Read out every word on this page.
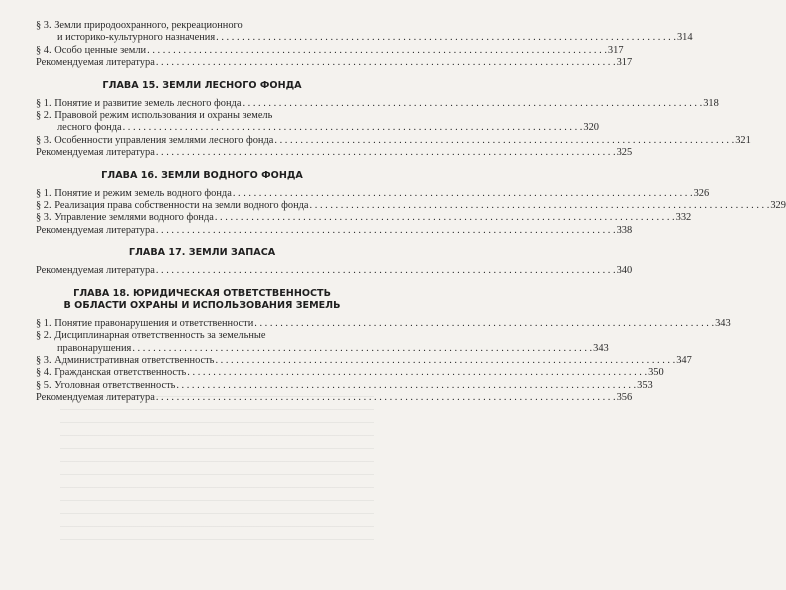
§ 3.
Земли природоохранного, рекреационного
и историко-культурного назначения . . .	314
§ 4.
Особо ценные земли . . .	317
Рекомендуемая литература . . .	317
ГЛАВА 15. ЗЕМЛИ ЛЕСНОГО ФОНДА
§ 1.
Понятие и развитие земель лесного фонда . . .	318
§ 2.
Правовой режим использования и охраны земель
лесного фонда . . .	320
§ 3.
Особенности управления землями лесного фонда . . .	321
Рекомендуемая литература . . .	325
ГЛАВА 16. ЗЕМЛИ ВОДНОГО ФОНДА
§ 1.
Понятие и режим земель водного фонда . . .	326
§ 2.
Реализация права собственности на земли водного фонда . . .	329
§ 3.
Управление землями водного фонда . . .	332
Рекомендуемая литература . . .	338
ГЛАВА 17. ЗЕМЛИ ЗАПАСА
Рекомендуемая литература . . .	340
ГЛАВА 18. ЮРИДИЧЕСКАЯ ОТВЕТСТВЕННОСТЬ
В ОБЛАСТИ ОХРАНЫ И ИСПОЛЬЗОВАНИЯ ЗЕМЕЛЬ
§ 1.
Понятие правонарушения и ответственности . . .	343
§ 2.
Дисциплинарная ответственность за земельные
правонарушения . . .	343
§ 3.
Административная ответственность . . .	347
§ 4.
Гражданская ответственность . . .	350
§ 5.
Уголовная ответственность . . .	353
Рекомендуемая литература . . .	356
